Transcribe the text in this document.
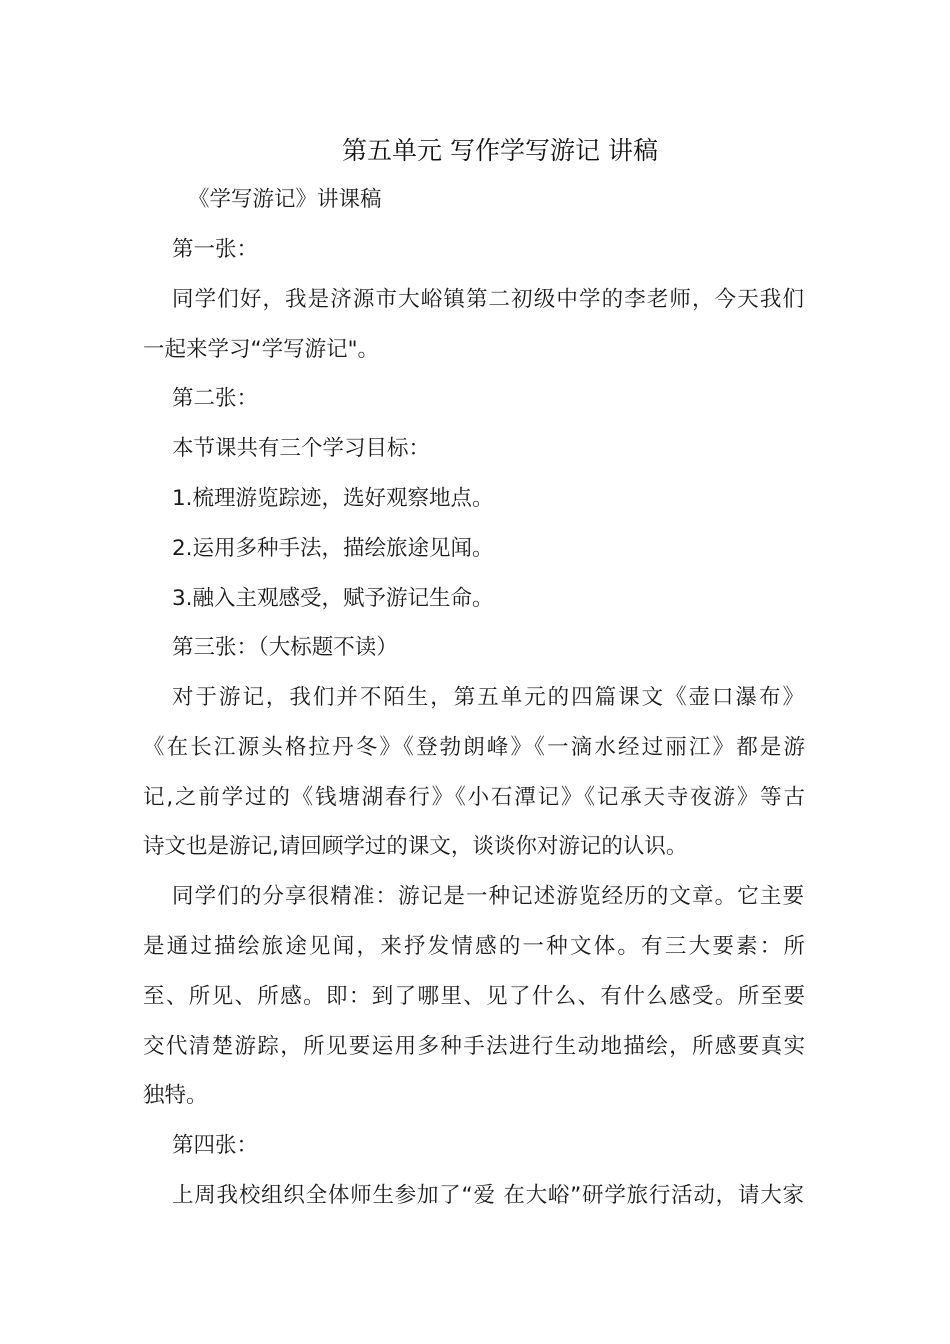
第五单元 写作学写游记 讲稿
《学写游记》讲课稿
第一张：
同学们好，我是济源市大峪镇第二初级中学的李老师，今天我们
一起来学习“学写游记"。
第二张：
本节课共有三个学习目标：
1.梳理游览踪迹，选好观察地点。
2.运用多种手法，描绘旅途见闻。
3.融入主观感受，赋予游记生命。
第三张：（大标题不读）
对于游记，我们并不陌生，第五单元的四篇课文《壶口瀑布》
《在长江源头格拉丹冬》《登勃朗峰》《一滴水经过丽江》都是游
记,之前学过的《钱塘湖春行》《小石潭记》《记承天寺夜游》等古
诗文也是游记,请回顾学过的课文，谈谈你对游记的认识。
同学们的分享很精准：游记是一种记述游览经历的文章。它主要
是通过描绘旅途见闻，来抒发情感的一种文体。有三大要素：所
至、所见、所感。即：到了哪里、见了什么、有什么感受。所至要
交代清楚游踪，所见要运用多种手法进行生动地描绘，所感要真实
独特。
第四张：
上周我校组织全体师生参加了“爱 在大峪”研学旅行活动，请大家
